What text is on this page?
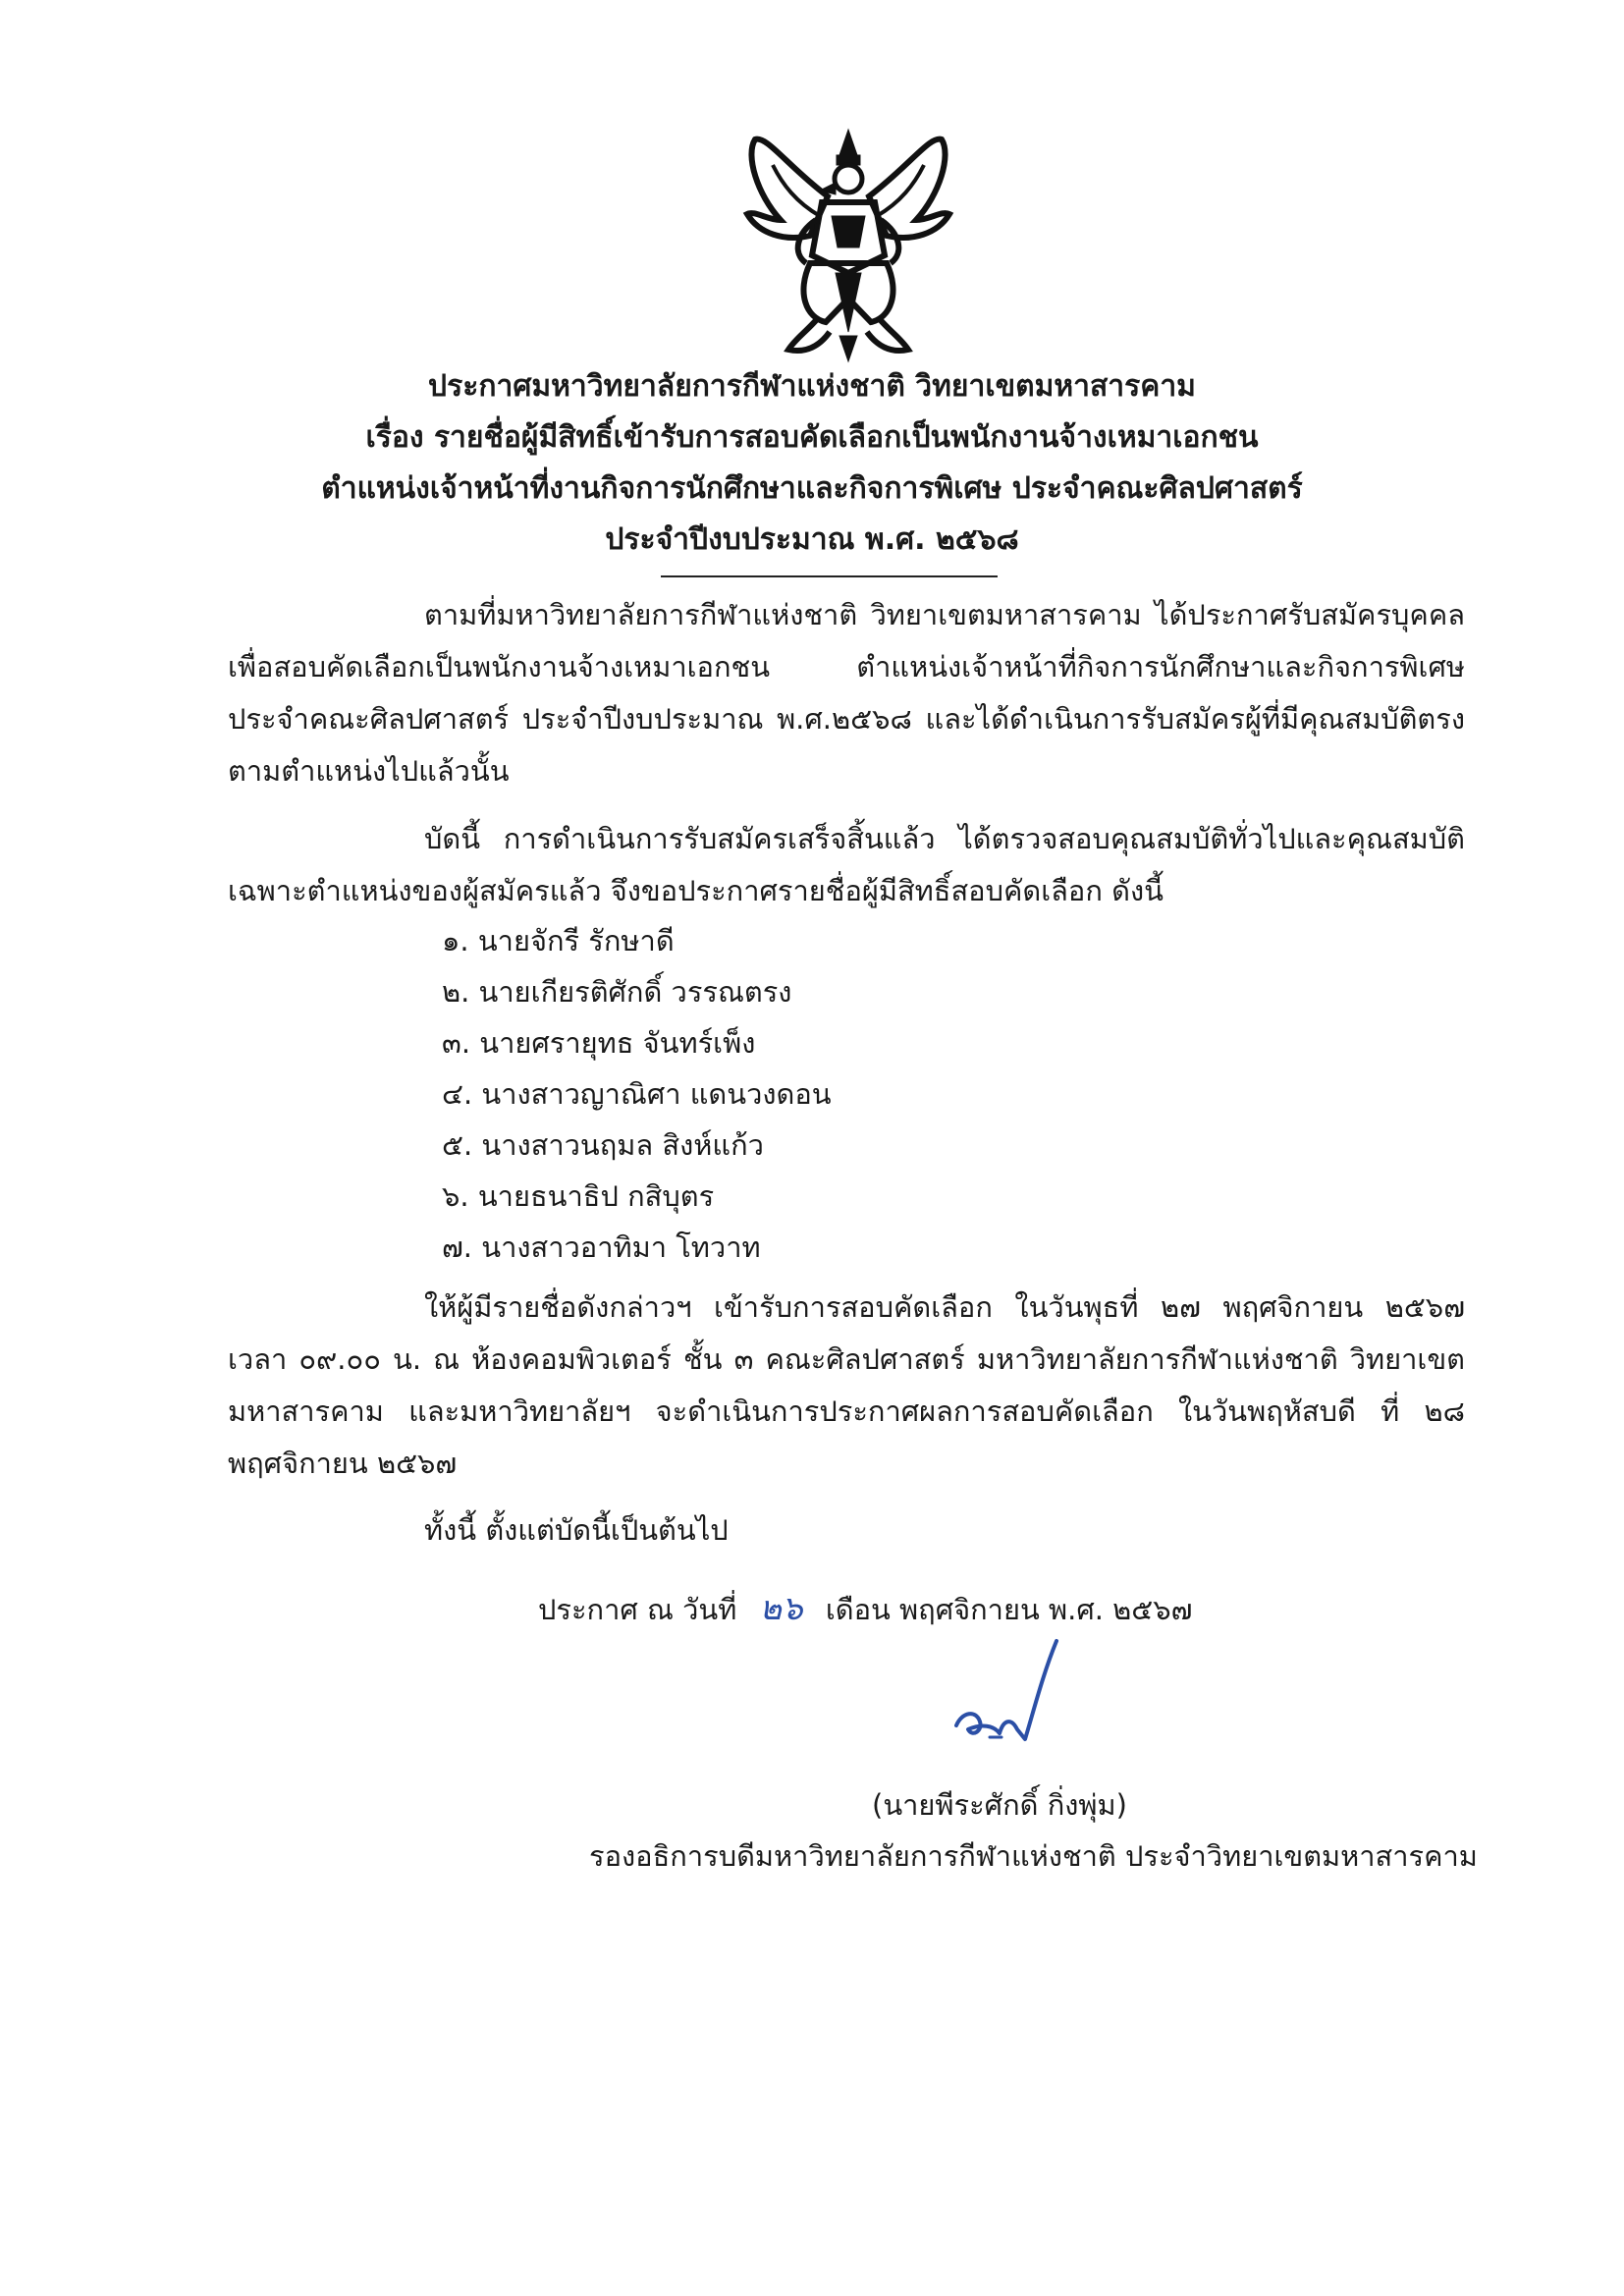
ประกาศมหาวิทยาลัยการกีฬาแห่งชาติ วิทยาเขตมหาสารคาม
เรื่อง รายชื่อผู้มีสิทธิ์เข้ารับการสอบคัดเลือกเป็นพนักงานจ้างเหมาเอกชน
ตำแหน่งเจ้าหน้าที่งานกิจการนักศึกษาและกิจการพิเศษ ประจำคณะศิลปศาสตร์
ประจำปีงบประมาณ พ.ศ. ๒๕๖๘
ตามที่มหาวิทยาลัยการกีฬาแห่งชาติ วิทยาเขตมหาสารคาม ได้ประกาศรับสมัครบุคคลเพื่อสอบคัดเลือกเป็นพนักงานจ้างเหมาเอกชน ตำแหน่งเจ้าหน้าที่กิจการนักศึกษาและกิจการพิเศษ ประจำคณะศิลปศาสตร์ ประจำปีงบประมาณ พ.ศ.๒๕๖๘ และได้ดำเนินการรับสมัครผู้ที่มีคุณสมบัติตรงตามตำแหน่งไปแล้วนั้น
บัดนี้ การดำเนินการรับสมัครเสร็จสิ้นแล้ว ได้ตรวจสอบคุณสมบัติทั่วไปและคุณสมบัติเฉพาะตำแหน่งของผู้สมัครแล้ว จึงขอประกาศรายชื่อผู้มีสิทธิ์สอบคัดเลือก ดังนี้
๑. นายจักรี รักษาดี
๒. นายเกียรติศักดิ์ วรรณตรง
๓. นายศรายุทธ จันทร์เพ็ง
๔. นางสาวญาณิศา แดนวงดอน
๕. นางสาวนฤมล สิงห์แก้ว
๖. นายธนาธิป กสิบุตร
๗. นางสาวอาทิมา โทวาท
ให้ผู้มีรายชื่อดังกล่าวฯ เข้ารับการสอบคัดเลือก ในวันพุธที่ ๒๗ พฤศจิกายน ๒๕๖๗ เวลา ๐๙.๐๐ น. ณ ห้องคอมพิวเตอร์ ชั้น ๓ คณะศิลปศาสตร์ มหาวิทยาลัยการกีฬาแห่งชาติ วิทยาเขตมหาสารคาม และมหาวิทยาลัยฯ จะดำเนินการประกาศผลการสอบคัดเลือก ในวันพฤหัสบดี ที่ ๒๘ พฤศจิกายน ๒๕๖๗
ทั้งนี้ ตั้งแต่บัดนี้เป็นต้นไป
ประกาศ ณ วันที่ ๒๖ เดือน พฤศจิกายน พ.ศ. ๒๕๖๗
(นายพีระศักดิ์ กิ่งพุ่ม)
รองอธิการบดีมหาวิทยาลัยการกีฬาแห่งชาติ ประจำวิทยาเขตมหาสารคาม
